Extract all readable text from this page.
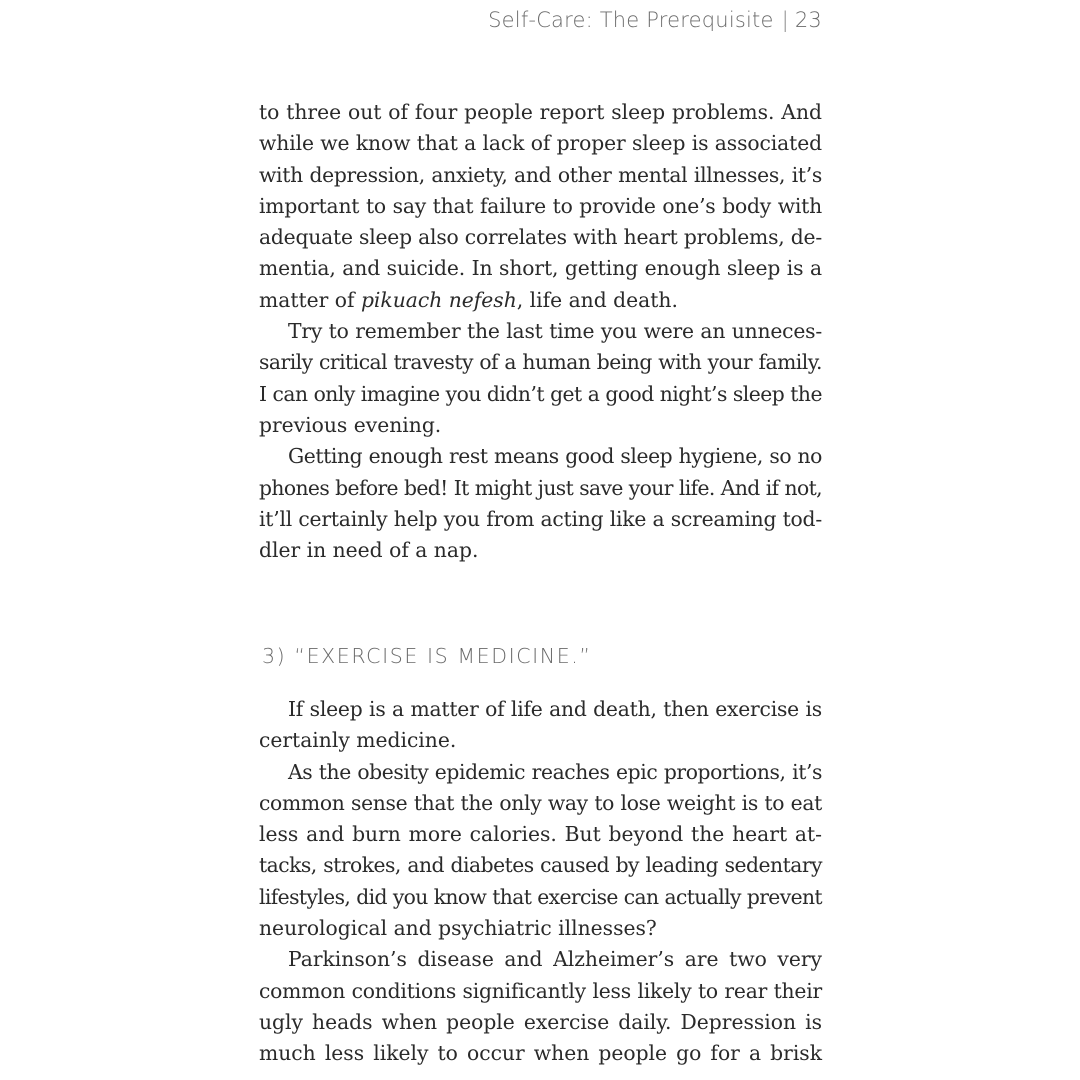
Self-Care: The Prerequisite | 23
to three out of four people report sleep problems. And
while we know that a lack of proper sleep is associated
with depression, anxiety, and other mental illnesses, it’s
important to say that failure to provide one’s body with
adequate sleep also correlates with heart problems, de-
mentia, and suicide. In short, getting enough sleep is a
matter of pikuach nefesh, life and death.
Try to remember the last time you were an unneces-
sarily critical travesty of a human being with your family.
I can only imagine you didn’t get a good night’s sleep the
previous evening.
Getting enough rest means good sleep hygiene, so no
phones before bed! It might just save your life. And if not,
it’ll certainly help you from acting like a screaming tod-
dler in need of a nap.
3) “EXERCISE IS MEDICINE.”
If sleep is a matter of life and death, then exercise is
certainly medicine.
As the obesity epidemic reaches epic proportions, it’s
common sense that the only way to lose weight is to eat
less and burn more calories. But beyond the heart at-
tacks, strokes, and diabetes caused by leading sedentary
lifestyles, did you know that exercise can actually prevent
neurological and psychiatric illnesses?
Parkinson’s disease and Alzheimer’s are two very
common conditions significantly less likely to rear their
ugly heads when people exercise daily. Depression is
much less likely to occur when people go for a brisk
